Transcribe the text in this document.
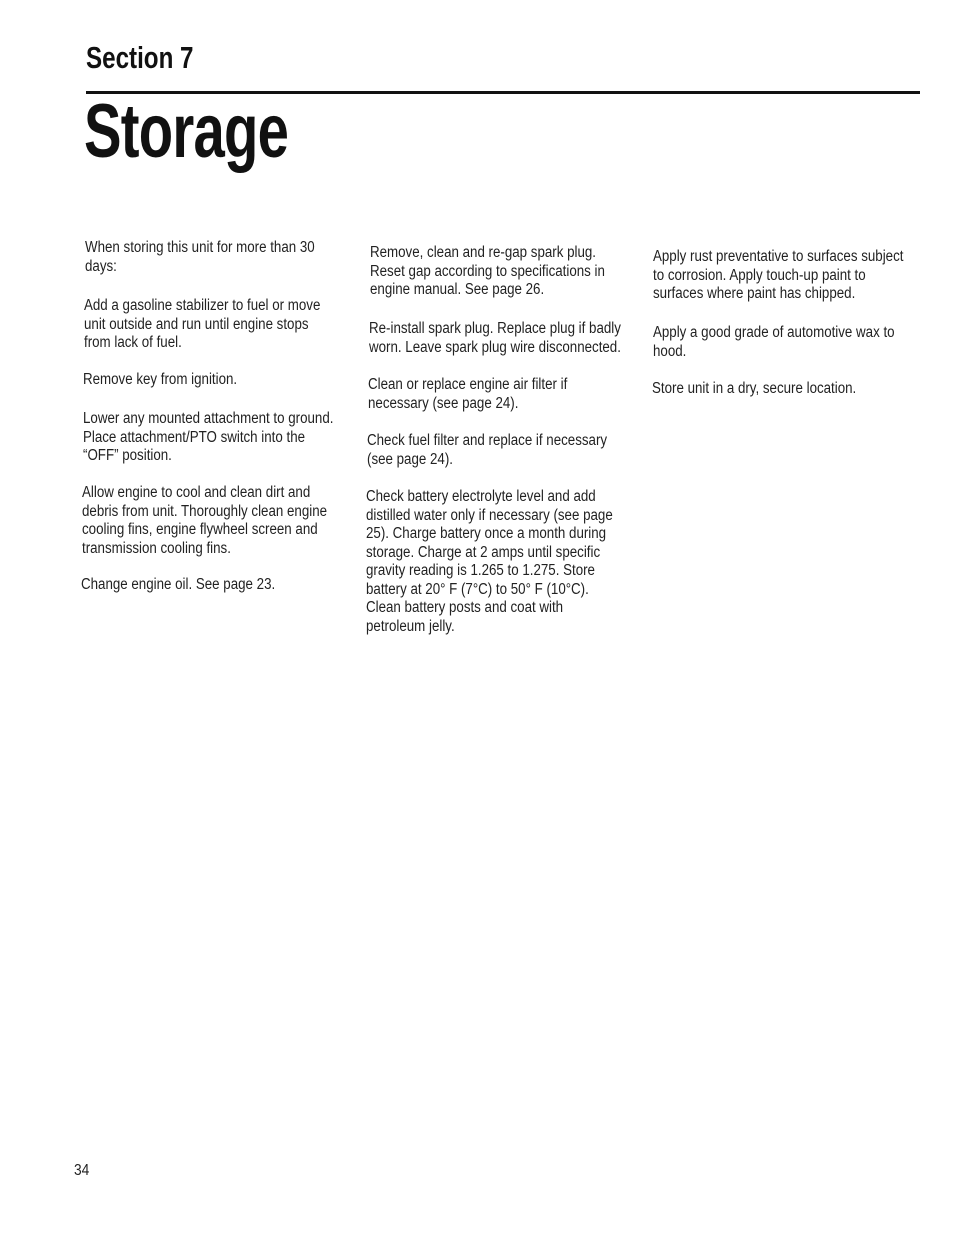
Section 7
Storage
When storing this unit for more than 30
days:
Add a gasoline stabilizer to fuel or move
unit outside and run until engine stops
from lack of fuel.
Remove key from ignition.
Lower any mounted attachment to ground.
Place attachment/PTO switch into the
“OFF” position.
Allow engine to cool and clean dirt and
debris from unit. Thoroughly clean engine
cooling fins, engine flywheel screen and
transmission cooling fins.
Change engine oil. See page 23.
Remove, clean and re-gap spark plug.
Reset gap according to specifications in
engine manual. See page 26.
Re-install spark plug. Replace plug if badly
worn. Leave spark plug wire disconnected.
Clean or replace engine air filter if
necessary (see page 24).
Check fuel filter and replace if necessary
(see page 24).
Check battery electrolyte level and add
distilled water only if necessary (see page
25). Charge battery once a month during
storage. Charge at 2 amps until specific
gravity reading is 1.265 to 1.275. Store
battery at 20° F (7°C) to 50° F (10°C).
Clean battery posts and coat with
petroleum jelly.
Apply rust preventative to surfaces subject
to corrosion. Apply touch-up paint to
surfaces where paint has chipped.
Apply a good grade of automotive wax to
hood.
Store unit in a dry, secure location.
34
